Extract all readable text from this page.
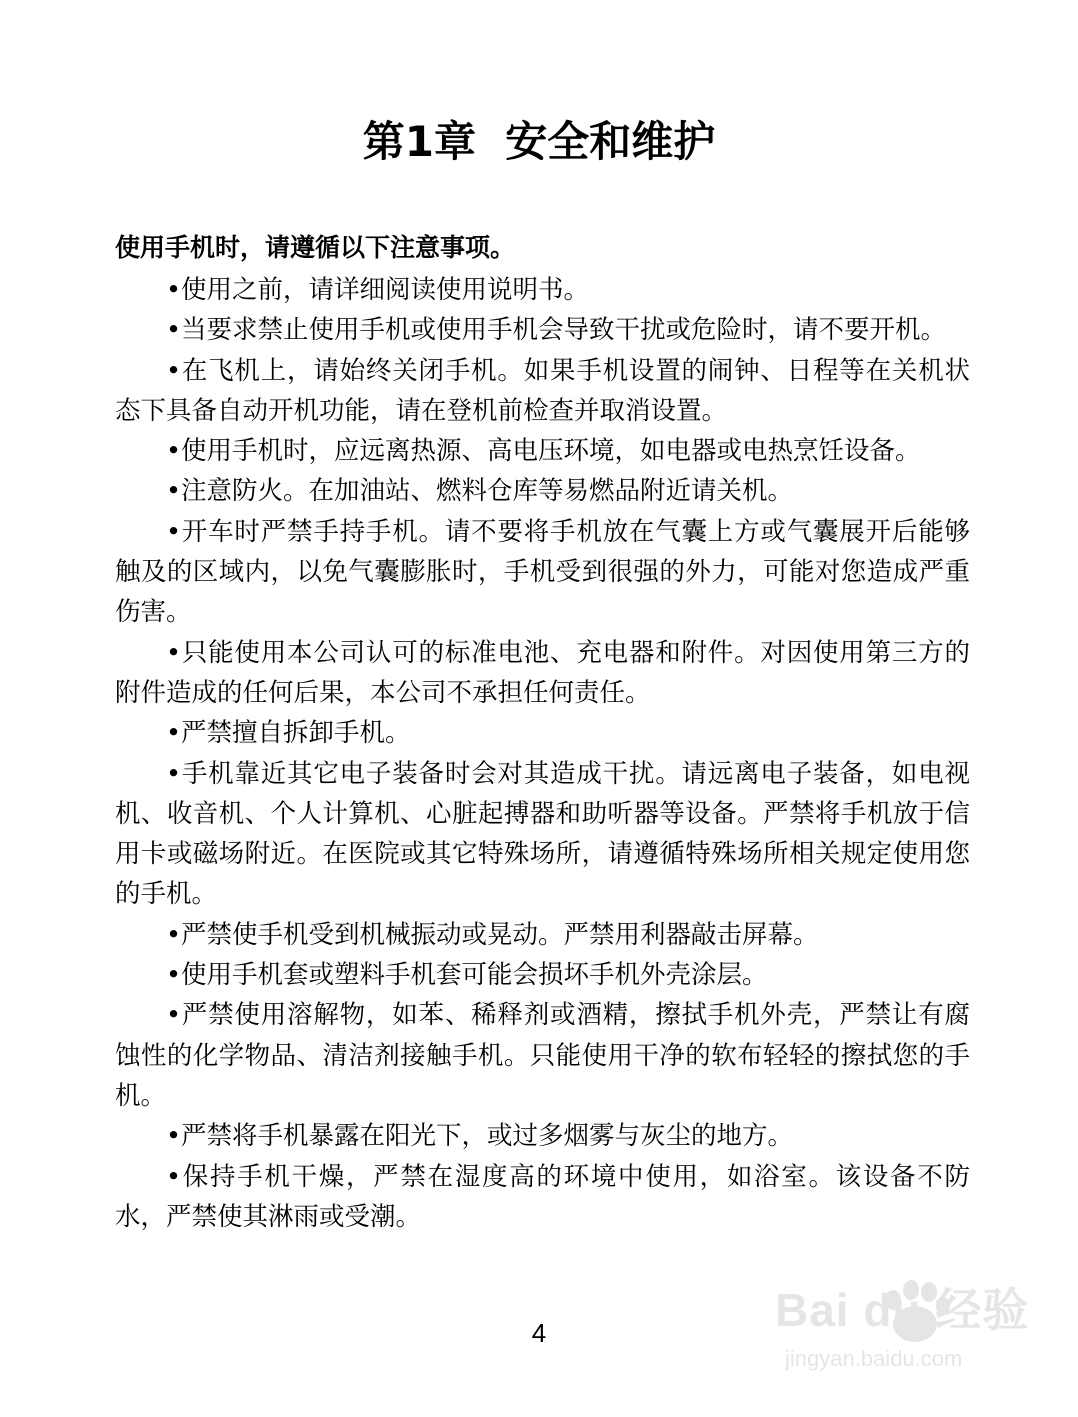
第1章  安全和维护

使用手机时，请遵循以下注意事项。

•使用之前，请详细阅读使用说明书。

•当要求禁止使用手机或使用手机会导致干扰或危险时，请不要开机。

•在飞机上，请始终关闭手机。如果手机设置的闹钟、日程等在关机状态下具备自动开机功能，请在登机前检查并取消设置。

•使用手机时，应远离热源、高电压环境，如电器或电热烹饪设备。

•注意防火。在加油站、燃料仓库等易燃品附近请关机。

•开车时严禁手持手机。请不要将手机放在气囊上方或气囊展开后能够触及的区域内，以免气囊膨胀时，手机受到很强的外力，可能对您造成严重伤害。

•只能使用本公司认可的标准电池、充电器和附件。对因使用第三方的附件造成的任何后果，本公司不承担任何责任。

•严禁擅自拆卸手机。

•手机靠近其它电子装备时会对其造成干扰。请远离电子装备，如电视机、收音机、个人计算机、心脏起搏器和助听器等设备。严禁将手机放于信用卡或磁场附近。在医院或其它特殊场所，请遵循特殊场所相关规定使用您的手机。

•严禁使手机受到机械振动或晃动。严禁用利器敲击屏幕。

•使用手机套或塑料手机套可能会损坏手机外壳涂层。

•严禁使用溶解物，如苯、稀释剂或酒精，擦拭手机外壳，严禁让有腐蚀性的化学物品、清洁剂接触手机。只能使用干净的软布轻轻的擦拭您的手机。

•严禁将手机暴露在阳光下，或过多烟雾与灰尘的地方。

•保持手机干燥，严禁在湿度高的环境中使用，如浴室。该设备不防水，严禁使其淋雨或受潮。

4	Bai du 经验
jingyan.baidu.com
